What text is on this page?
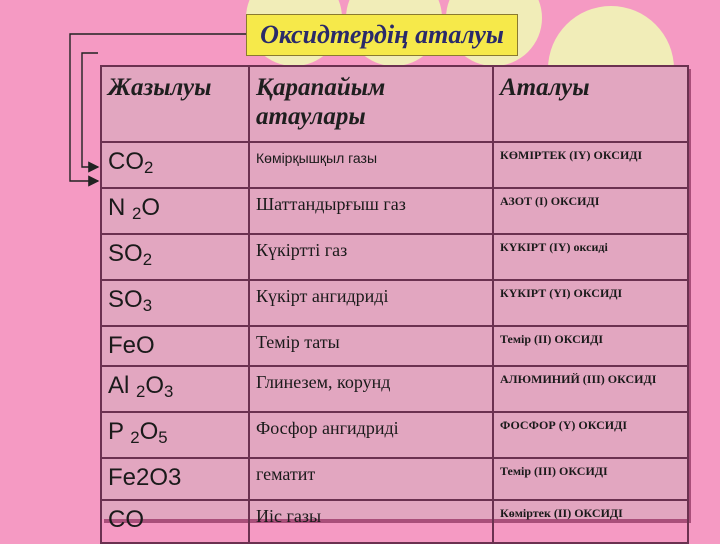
Оксидтердің аталуы
Жазылуы	Қарапайым атаулары	Аталуы
$CO_2$	Көмірқышқыл газы	КӨМІРТЕК (ІҮ) ОКСИДІ
N $_2$O	Шаттандырғыш газ	АЗОТ (І) ОКСИДІ
$SO_2$	Күкіртті газ	КҮКІРТ (ІҮ) оксиді
$SO_3$	Күкірт ангидриді	КҮКІРТ (ҮІ) ОКСИДІ
FeO	Темір таты	Темір (ІІ) ОКСИДІ
Al $_2O_3$	Глинезем, корунд	АЛЮМИНИЙ (ІІІ) ОКСИДІ
P $_2O_5$	Фосфор ангидриді	ФОСФОР (Ү) ОКСИДІ
Fe2O3	гематит	Темір (ІІІ) ОКСИДІ
CO	Иіс газы	Көміртек (ІІ) ОКСИДІ
